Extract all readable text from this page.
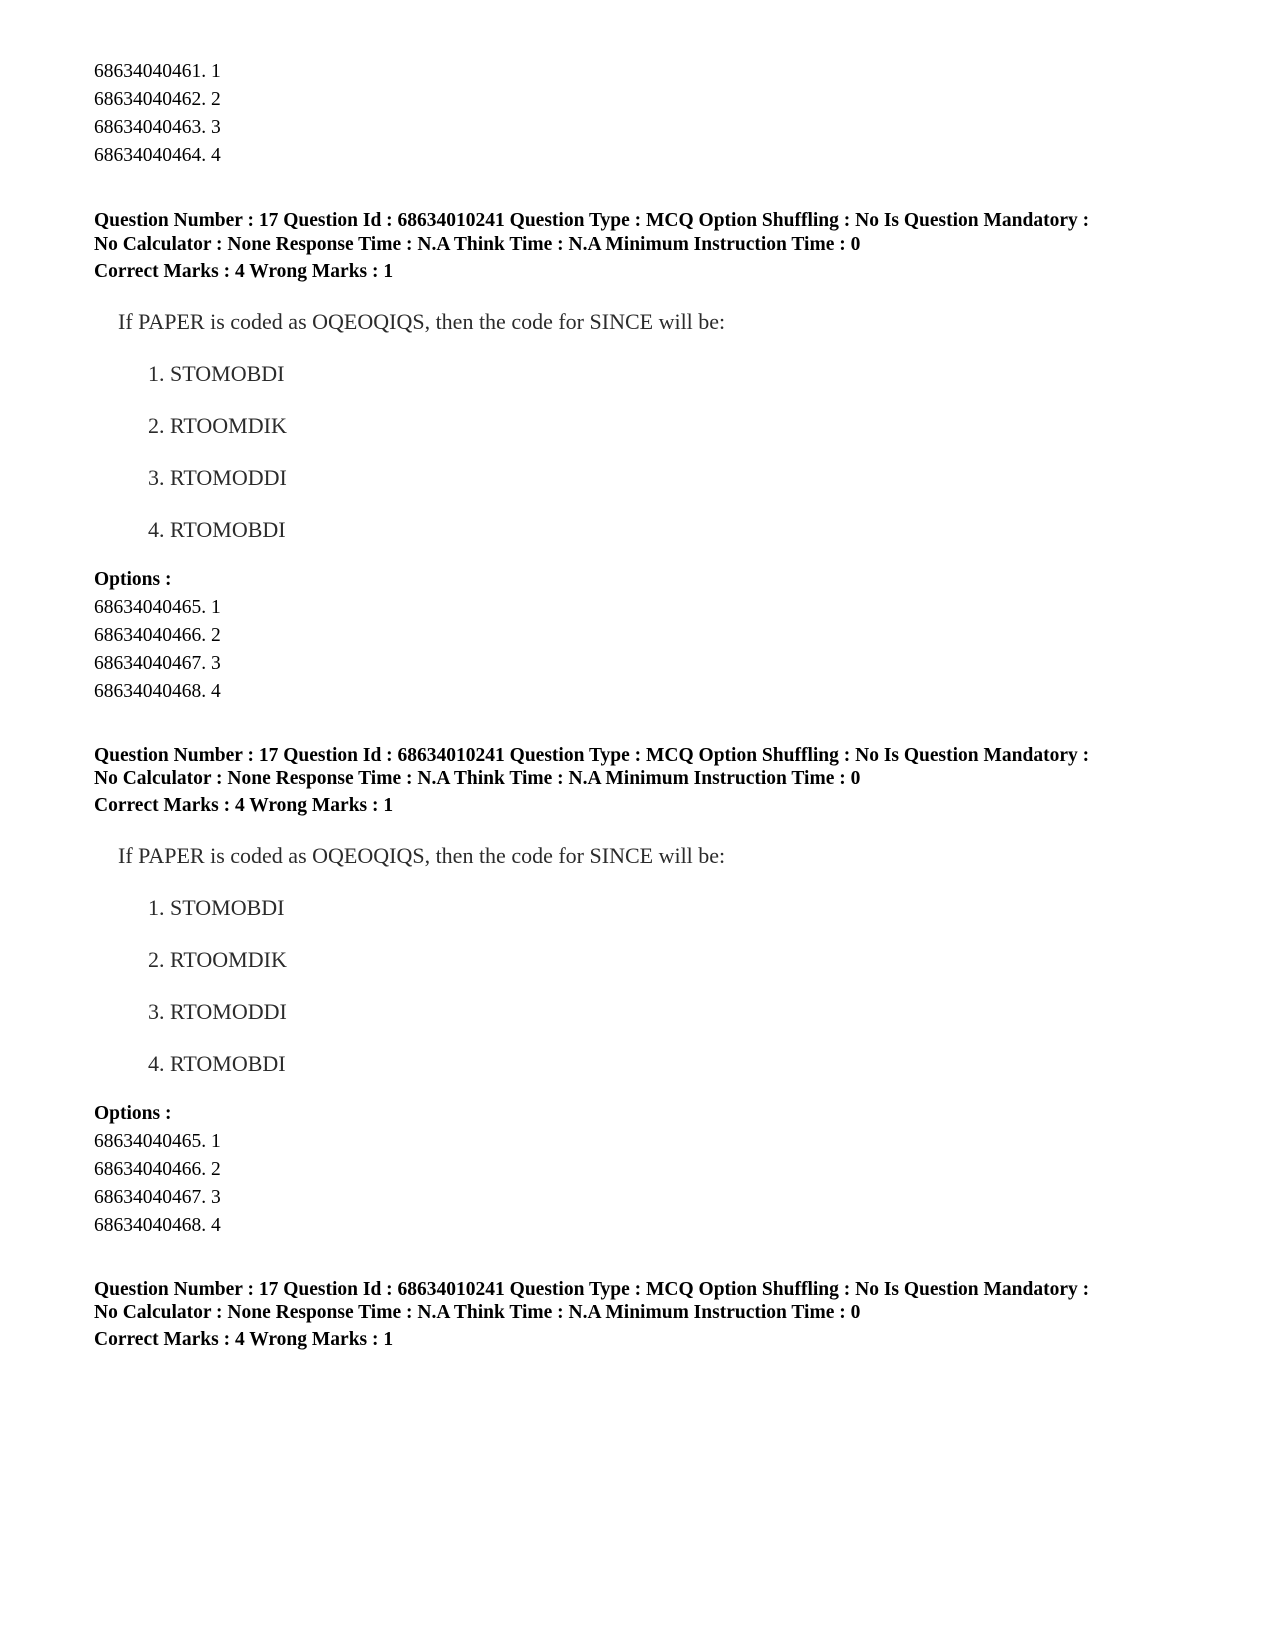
68634040461. 1
68634040462. 2
68634040463. 3
68634040464. 4
Question Number : 17 Question Id : 68634010241 Question Type : MCQ Option Shuffling : No Is Question Mandatory :
No Calculator : None Response Time : N.A Think Time : N.A Minimum Instruction Time : 0
Correct Marks : 4 Wrong Marks : 1
If PAPER is coded as OQEOQIQS, then the code for SINCE will be:
1. STOMOBDI
2. RTOOMDIK
3. RTOMODDI
4. RTOMOBDI
Options :
68634040465. 1
68634040466. 2
68634040467. 3
68634040468. 4
Question Number : 17 Question Id : 68634010241 Question Type : MCQ Option Shuffling : No Is Question Mandatory :
No Calculator : None Response Time : N.A Think Time : N.A Minimum Instruction Time : 0
Correct Marks : 4 Wrong Marks : 1
If PAPER is coded as OQEOQIQS, then the code for SINCE will be:
1. STOMOBDI
2. RTOOMDIK
3. RTOMODDI
4. RTOMOBDI
Options :
68634040465. 1
68634040466. 2
68634040467. 3
68634040468. 4
Question Number : 17 Question Id : 68634010241 Question Type : MCQ Option Shuffling : No Is Question Mandatory :
No Calculator : None Response Time : N.A Think Time : N.A Minimum Instruction Time : 0
Correct Marks : 4 Wrong Marks : 1
